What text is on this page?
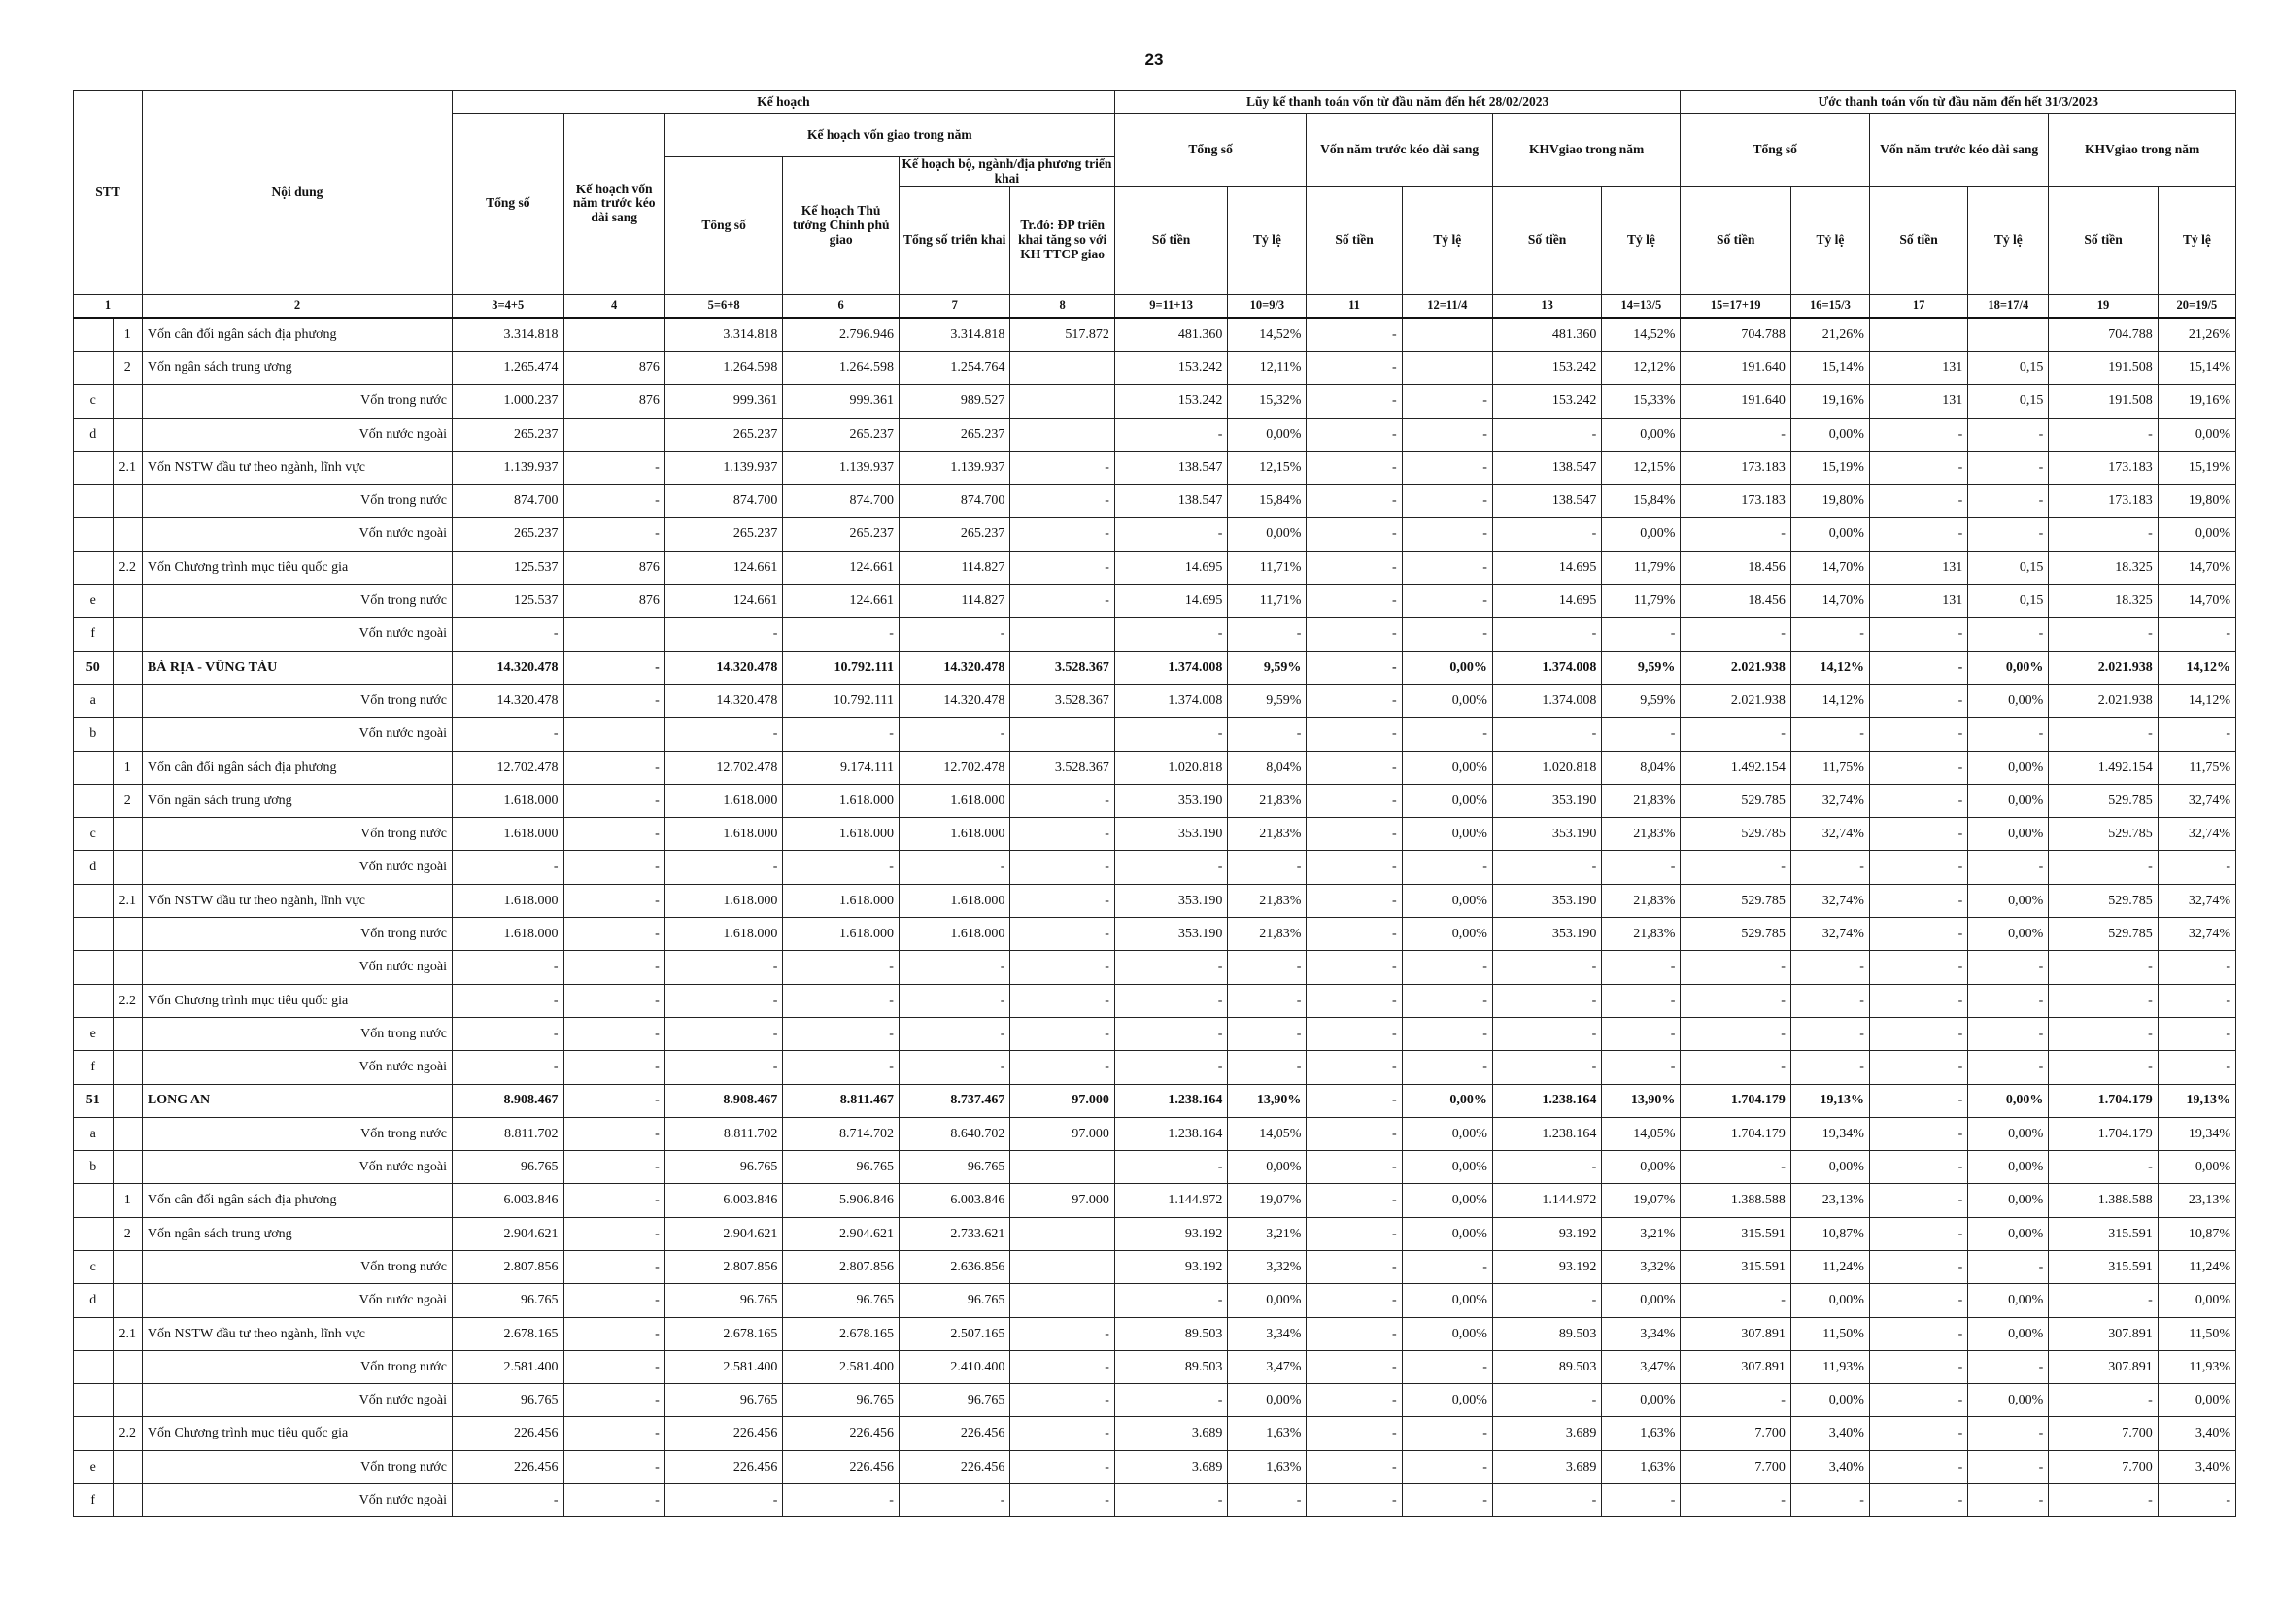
23
STT		Nội dung	Kế hoạch						Lũy kế thanh toán vốn từ đầu năm đến hết 28/02/2023						Ước thanh toán vốn từ đầu năm đến hết 31/3/2023					
			Tổng số	Kế hoạch vốn năm trước kéo dài sang	Kế hoạch vốn giao trong năm				Tổng số		Vốn năm trước kéo dài sang		KHVgiao trong năm		Tổng số		Vốn năm trước kéo dài sang		KHVgiao trong năm	
					Tổng số	Kế hoạch Thủ tướng Chính phủ giao	Kế hoạch bộ, ngành/địa phương triển khai													
							Tổng số triển khai	Tr.đó: ĐP triển khai tăng so với KH TTCP giao	Số tiền	Tỷ lệ	Số tiền	Tỷ lệ	Số tiền	Tỷ lệ	Số tiền	Tỷ lệ	Số tiền	Tỷ lệ	Số tiền	Tỷ lệ
1		2	3=4+5	4	5=6+8	6	7	8	9=11+13	10=9/3	11	12=11/4	13	14=13/5	15=17+19	16=15/3	17	18=17/4	19	20=19/5
	1	Vốn cân đối ngân sách địa phương	3.314.818		3.314.818	2.796.946	3.314.818	517.872	481.360	14,52%	-		481.360	14,52%	704.788	21,26%			704.788	21,26%
	2	Vốn ngân sách trung ương	1.265.474	876	1.264.598	1.264.598	1.254.764		153.242	12,11%	-		153.242	12,12%	191.640	15,14%	131	0,15	191.508	15,14%
c		Vốn trong nước	1.000.237	876	999.361	999.361	989.527		153.242	15,32%	-	-	153.242	15,33%	191.640	19,16%	131	0,15	191.508	19,16%
d		Vốn nước ngoài	265.237		265.237	265.237	265.237		-	0,00%	-	-	-	0,00%	-	0,00%	-	-	-	0,00%
	2.1	Vốn NSTW đầu tư theo ngành, lĩnh vực	1.139.937	-	1.139.937	1.139.937	1.139.937	-	138.547	12,15%	-	-	138.547	12,15%	173.183	15,19%	-	-	173.183	15,19%
		Vốn trong nước	874.700	-	874.700	874.700	874.700	-	138.547	15,84%	-	-	138.547	15,84%	173.183	19,80%	-	-	173.183	19,80%
		Vốn nước ngoài	265.237	-	265.237	265.237	265.237	-	-	0,00%	-	-	-	0,00%	-	0,00%	-	-	-	0,00%
	2.2	Vốn Chương trình mục tiêu quốc gia	125.537	876	124.661	124.661	114.827	-	14.695	11,71%	-	-	14.695	11,79%	18.456	14,70%	131	0,15	18.325	14,70%
e		Vốn trong nước	125.537	876	124.661	124.661	114.827	-	14.695	11,71%	-	-	14.695	11,79%	18.456	14,70%	131	0,15	18.325	14,70%
f		Vốn nước ngoài	-		-	-	-		-	-	-	-	-	-	-	-	-	-	-	-
50		BÀ RỊA - VŨNG TÀU	14.320.478	-	14.320.478	10.792.111	14.320.478	3.528.367	1.374.008	9,59%	-	0,00%	1.374.008	9,59%	2.021.938	14,12%	-	0,00%	2.021.938	14,12%
a		Vốn trong nước	14.320.478	-	14.320.478	10.792.111	14.320.478	3.528.367	1.374.008	9,59%	-	0,00%	1.374.008	9,59%	2.021.938	14,12%	-	0,00%	2.021.938	14,12%
b		Vốn nước ngoài	-		-	-	-		-	-	-	-	-	-	-	-	-	-	-	-
	1	Vốn cân đối ngân sách địa phương	12.702.478	-	12.702.478	9.174.111	12.702.478	3.528.367	1.020.818	8,04%	-	0,00%	1.020.818	8,04%	1.492.154	11,75%	-	0,00%	1.492.154	11,75%
	2	Vốn ngân sách trung ương	1.618.000	-	1.618.000	1.618.000	1.618.000	-	353.190	21,83%	-	0,00%	353.190	21,83%	529.785	32,74%	-	0,00%	529.785	32,74%
c		Vốn trong nước	1.618.000	-	1.618.000	1.618.000	1.618.000	-	353.190	21,83%	-	0,00%	353.190	21,83%	529.785	32,74%	-	0,00%	529.785	32,74%
d		Vốn nước ngoài	-	-	-	-	-	-	-	-	-	-	-	-	-	-	-	-	-	-
	2.1	Vốn NSTW đầu tư theo ngành, lĩnh vực	1.618.000	-	1.618.000	1.618.000	1.618.000	-	353.190	21,83%	-	0,00%	353.190	21,83%	529.785	32,74%	-	0,00%	529.785	32,74%
		Vốn trong nước	1.618.000	-	1.618.000	1.618.000	1.618.000	-	353.190	21,83%	-	0,00%	353.190	21,83%	529.785	32,74%	-	0,00%	529.785	32,74%
		Vốn nước ngoài	-	-	-	-	-	-	-	-	-	-	-	-	-	-	-	-	-	-
	2.2	Vốn Chương trình mục tiêu quốc gia	-	-	-	-	-	-	-	-	-	-	-	-	-	-	-	-	-	-
e		Vốn trong nước	-	-	-	-	-	-	-	-	-	-	-	-	-	-	-	-	-	-
f		Vốn nước ngoài	-	-	-	-	-	-	-	-	-	-	-	-	-	-	-	-	-	-
51		LONG AN	8.908.467	-	8.908.467	8.811.467	8.737.467	97.000	1.238.164	13,90%	-	0,00%	1.238.164	13,90%	1.704.179	19,13%	-	0,00%	1.704.179	19,13%
a		Vốn trong nước	8.811.702	-	8.811.702	8.714.702	8.640.702	97.000	1.238.164	14,05%	-	0,00%	1.238.164	14,05%	1.704.179	19,34%	-	0,00%	1.704.179	19,34%
b		Vốn nước ngoài	96.765	-	96.765	96.765	96.765		-	0,00%	-	0,00%	-	0,00%	-	0,00%	-	0,00%	-	0,00%
	1	Vốn cân đối ngân sách địa phương	6.003.846	-	6.003.846	5.906.846	6.003.846	97.000	1.144.972	19,07%	-	0,00%	1.144.972	19,07%	1.388.588	23,13%	-	0,00%	1.388.588	23,13%
	2	Vốn ngân sách trung ương	2.904.621	-	2.904.621	2.904.621	2.733.621		93.192	3,21%	-	0,00%	93.192	3,21%	315.591	10,87%	-	0,00%	315.591	10,87%
c		Vốn trong nước	2.807.856	-	2.807.856	2.807.856	2.636.856		93.192	3,32%	-	-	93.192	3,32%	315.591	11,24%	-	-	315.591	11,24%
d		Vốn nước ngoài	96.765	-	96.765	96.765	96.765		-	0,00%	-	0,00%	-	0,00%	-	0,00%	-	0,00%	-	0,00%
	2.1	Vốn NSTW đầu tư theo ngành, lĩnh vực	2.678.165	-	2.678.165	2.678.165	2.507.165	-	89.503	3,34%	-	0,00%	89.503	3,34%	307.891	11,50%	-	0,00%	307.891	11,50%
		Vốn trong nước	2.581.400	-	2.581.400	2.581.400	2.410.400	-	89.503	3,47%	-	-	89.503	3,47%	307.891	11,93%	-	-	307.891	11,93%
		Vốn nước ngoài	96.765	-	96.765	96.765	96.765	-	-	0,00%	-	0,00%	-	0,00%	-	0,00%	-	0,00%	-	0,00%
	2.2	Vốn Chương trình mục tiêu quốc gia	226.456	-	226.456	226.456	226.456	-	3.689	1,63%	-	-	3.689	1,63%	7.700	3,40%	-	-	7.700	3,40%
e		Vốn trong nước	226.456	-	226.456	226.456	226.456	-	3.689	1,63%	-	-	3.689	1,63%	7.700	3,40%	-	-	7.700	3,40%
f		Vốn nước ngoài	-	-	-	-	-	-	-	-	-	-	-	-	-	-	-	-	-	-
